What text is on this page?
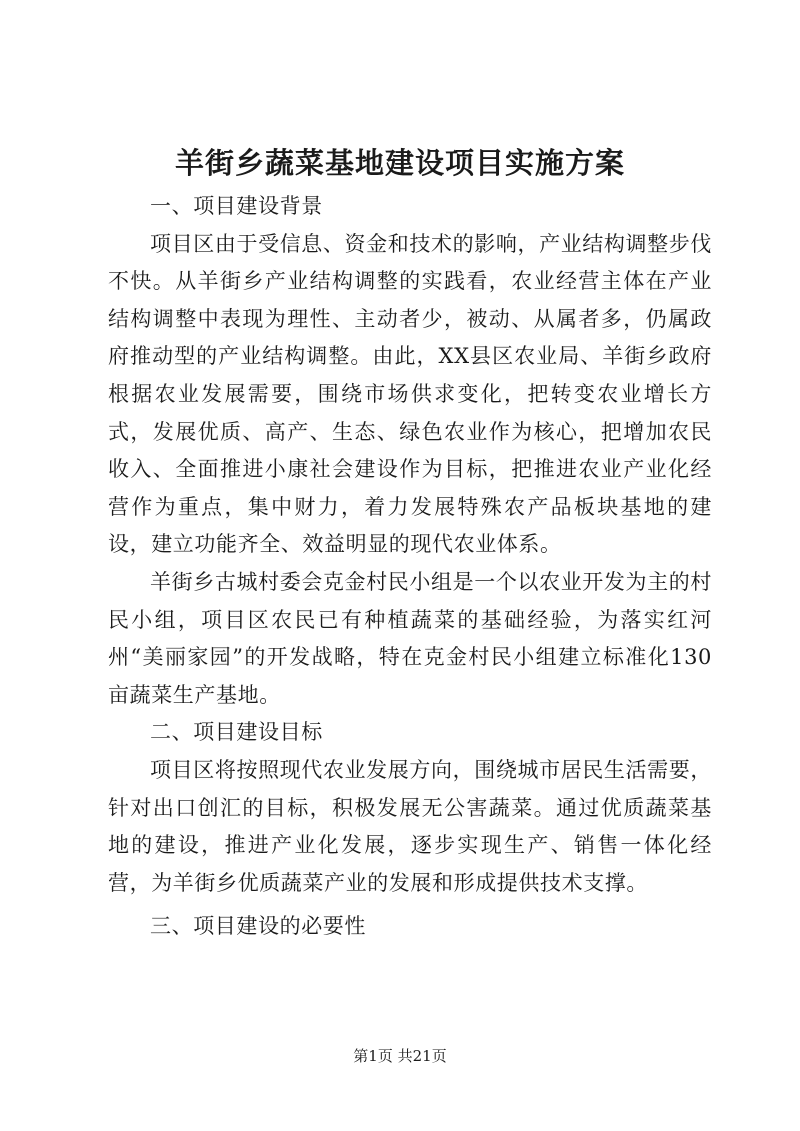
羊街乡蔬菜基地建设项目实施方案

一、项目建设背景

项目区由于受信息、资金和技术的影响，产业结构调整步伐不快。从羊街乡产业结构调整的实践看，农业经营主体在产业结构调整中表现为理性、主动者少，被动、从属者多，仍属政府推动型的产业结构调整。由此，XX县区农业局、羊街乡政府根据农业发展需要，围绕市场供求变化，把转变农业增长方式，发展优质、高产、生态、绿色农业作为核心，把增加农民收入、全面推进小康社会建设作为目标，把推进农业产业化经营作为重点，集中财力，着力发展特殊农产品板块基地的建设，建立功能齐全、效益明显的现代农业体系。

羊街乡古城村委会克金村民小组是一个以农业开发为主的村民小组，项目区农民已有种植蔬菜的基础经验，为落实红河州“美丽家园”的开发战略，特在克金村民小组建立标准化130亩蔬菜生产基地。

二、项目建设目标

项目区将按照现代农业发展方向，围绕城市居民生活需要，针对出口创汇的目标，积极发展无公害蔬菜。通过优质蔬菜基地的建设，推进产业化发展，逐步实现生产、销售一体化经营，为羊街乡优质蔬菜产业的发展和形成提供技术支撑。

三、项目建设的必要性

第1页 共21页
